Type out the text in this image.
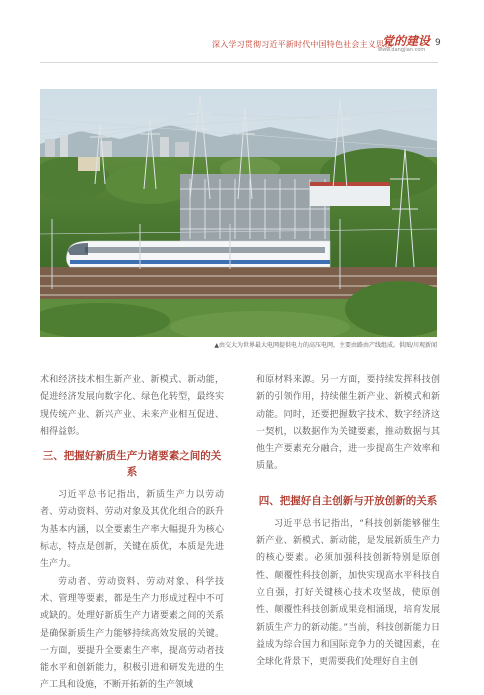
深入学习贯彻习近平新时代中国特色社会主义思想
党的建设
www.dangjian.com
9
▲由交大为世界最大电网提供电力的高压电网，主要由路由产线组成。供图/川观新闻

术和经济技术相生新产业、新模式、新动能，促进经济发展向数字化、绿色化转型，最终实现传统产业、新兴产业、未来产业相互促进、相得益彰。

三、把握好新质生产力诸要素之间的关系

习近平总书记指出，新质生产力以劳动者、劳动资料、劳动对象及其优化组合的跃升为基本内涵，以全要素生产率大幅提升为核心标志，特点是创新，关键在质优，本质是先进生产力。

劳动者、劳动资料、劳动对象、科学技术、管理等要素，都是生产力形成过程中不可或缺的。处理好新质生产力诸要素之间的关系是确保新质生产力能够持续高效发展的关键。一方面，要提升全要素生产率，提高劳动者技能水平和创新能力，积极引进和研发先进的生产工具和设施，不断开拓新的生产领域

和原材料来源。另一方面，要持续发挥科技创新的引领作用，持续催生新产业、新模式和新动能。同时，还要把握数字技术、数字经济这一契机，以数据作为关键要素，推动数据与其他生产要素充分融合，进一步提高生产效率和质量。

四、把握好自主创新与开放创新的关系

习近平总书记指出，“科技创新能够催生新产业、新模式、新动能，是发展新质生产力的核心要素。必须加强科技创新特别是原创性、颠覆性科技创新，加快实现高水平科技自立自强，打好关键核心技术攻坚战，使原创性、颠覆性科技创新成果竞相涌现，培育发展新质生产力的新动能。”当前，科技创新能力日益成为综合国力和国际竞争力的关键因素，在全球化背景下，更需要我们处理好自主创
